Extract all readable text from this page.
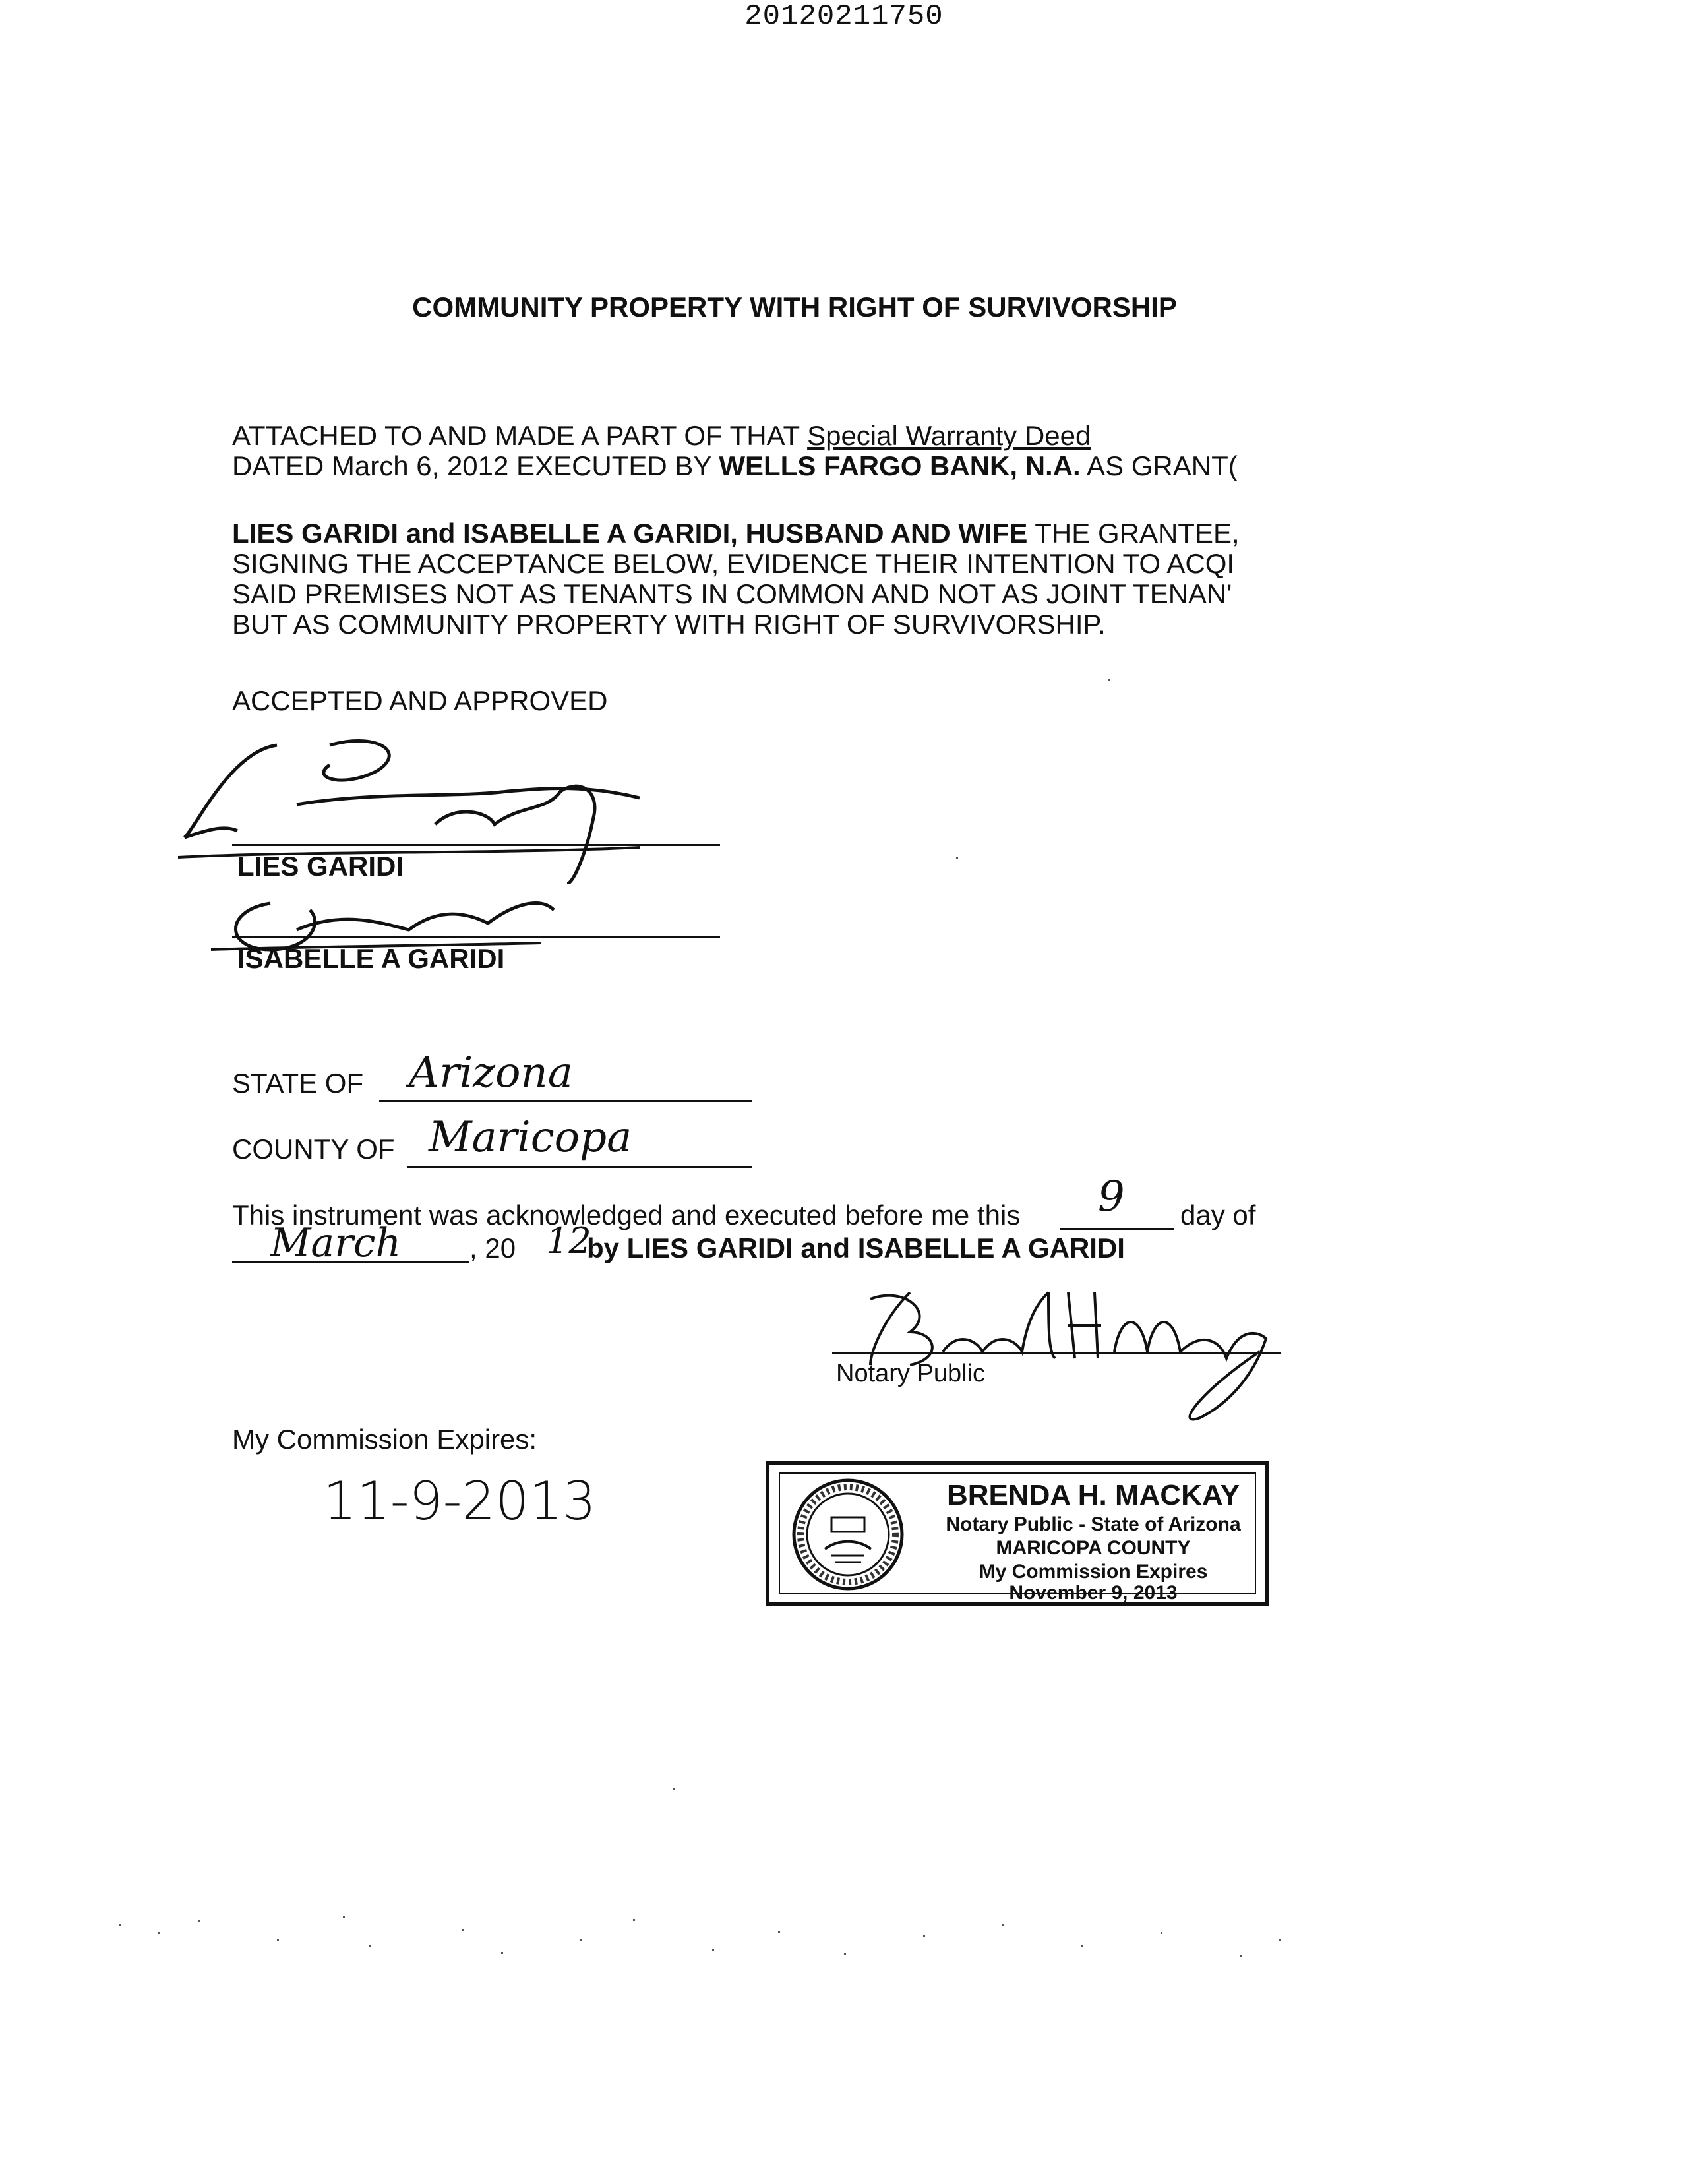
20120211750
COMMUNITY PROPERTY WITH RIGHT OF SURVIVORSHIP
ATTACHED TO AND MADE A PART OF THAT Special Warranty Deed
DATED March 6, 2012 EXECUTED BY WELLS FARGO BANK, N.A. AS GRANT(
LIES GARIDI and ISABELLE A GARIDI, HUSBAND AND WIFE THE GRANTEE,
SIGNING THE ACCEPTANCE BELOW, EVIDENCE THEIR INTENTION TO ACQI
SAID PREMISES NOT AS TENANTS IN COMMON AND NOT AS JOINT TENAN'
BUT AS COMMUNITY PROPERTY WITH RIGHT OF SURVIVORSHIP.
ACCEPTED AND APPROVED
LIES GARIDI
ISABELLE A GARIDI
STATE OF Arizona
COUNTY OF Maricopa
This instrument was acknowledged and executed before me this 9 day of
March , 20 12
by LIES GARIDI and ISABELLE A GARIDI
Notary Public
My Commission Expires:
11-9-2013	BRENDA H. MACKAY
Notary Public - State of Arizona
MARICOPA COUNTY
My Commission Expires
November 9, 2013
